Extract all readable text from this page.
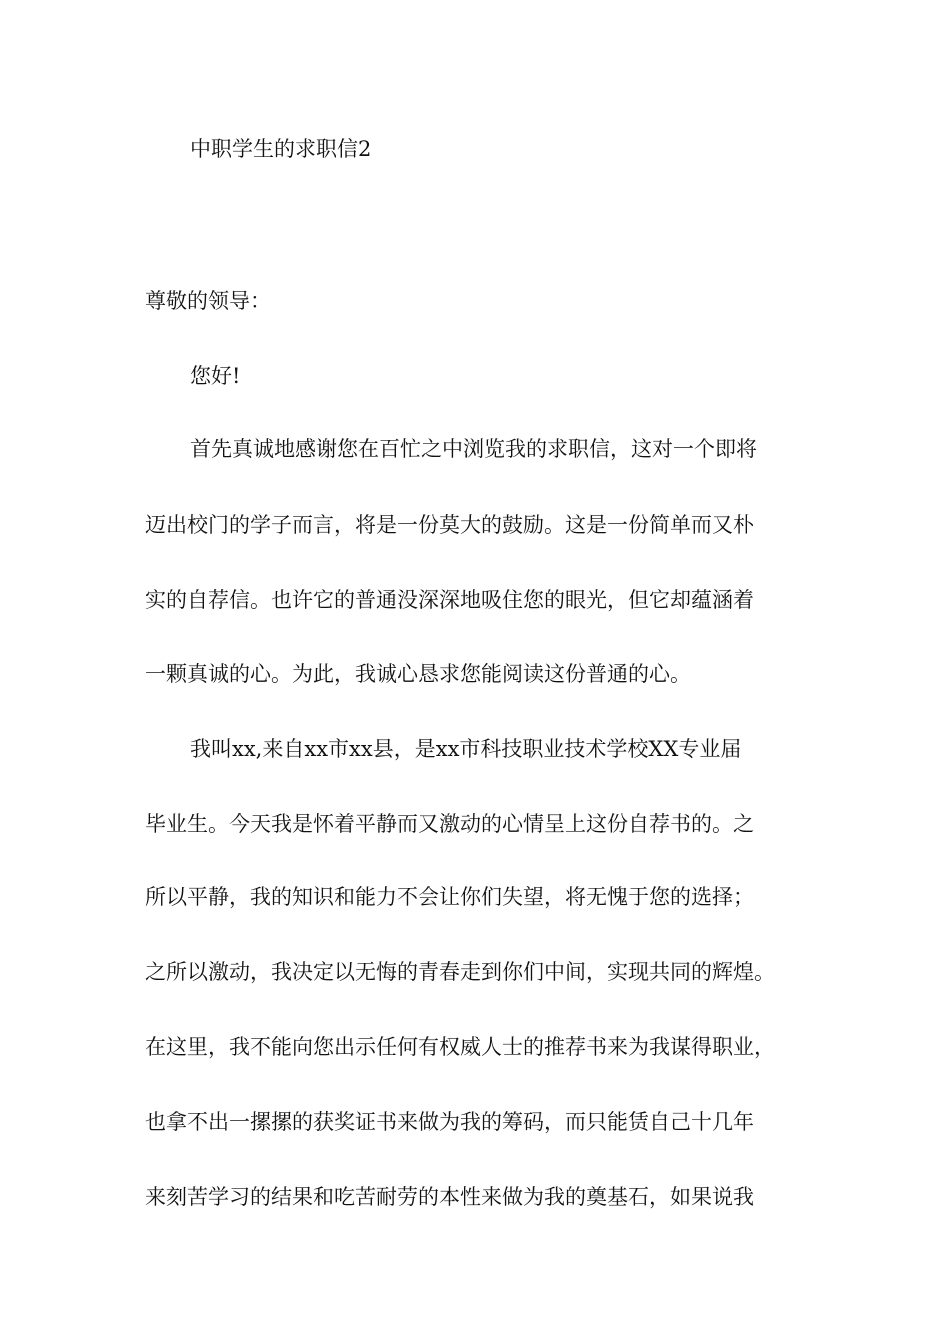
中职学生的求职信2
尊敬的领导：
您好!
首先真诚地感谢您在百忙之中浏览我的求职信，这对一个即将
迈出校门的学子而言，将是一份莫大的鼓励。这是一份简单而又朴
实的自荐信。也许它的普通没深深地吸住您的眼光，但它却蕴涵着
一颗真诚的心。为此，我诚心恳求您能阅读这份普通的心。
我叫xx,来自xx市xx县，是xx市科技职业技术学校XX专业届
毕业生。今天我是怀着平静而又激动的心情呈上这份自荐书的。之
所以平静，我的知识和能力不会让你们失望，将无愧于您的选择；
之所以激动，我决定以无悔的青春走到你们中间，实现共同的辉煌。
在这里，我不能向您出示任何有权威人士的推荐书来为我谋得职业，
也拿不出一摞摞的获奖证书来做为我的筹码，而只能赁自己十几年
来刻苦学习的结果和吃苦耐劳的本性来做为我的奠基石，如果说我
